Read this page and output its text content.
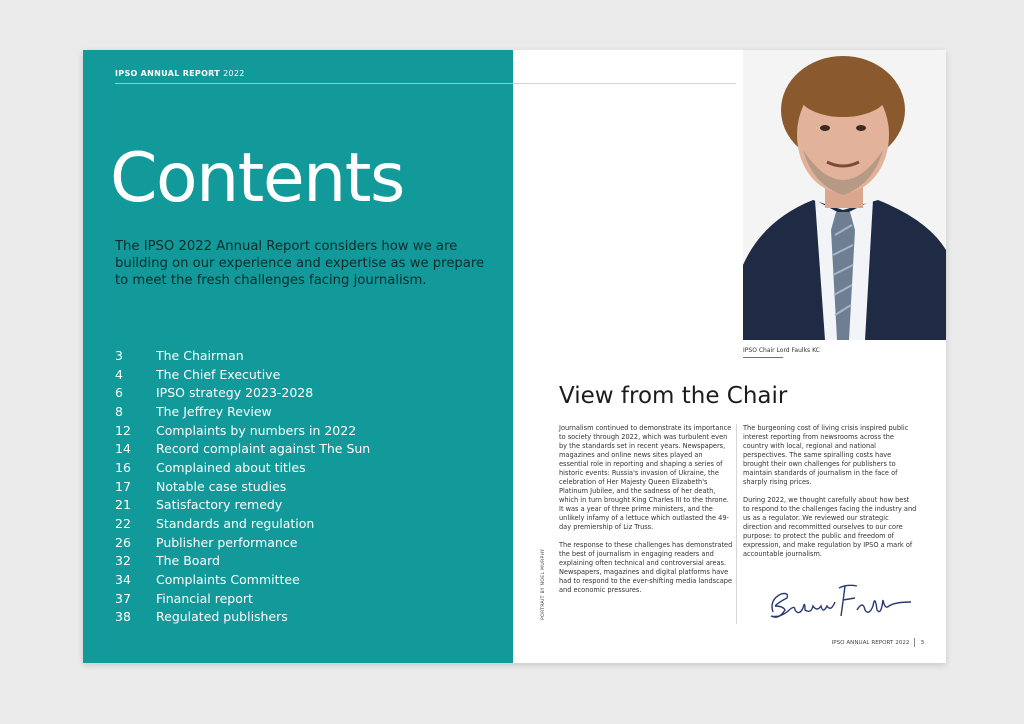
IPSO ANNUAL REPORT 2022
Contents
The IPSO 2022 Annual Report considers how we are building on our experience and expertise as we prepare to meet the fresh challenges facing journalism.
3	The Chairman
4	The Chief Executive
6	IPSO strategy 2023-2028
8	The Jeffrey Review
12	Complaints by numbers in 2022
14	Record complaint against The Sun
16	Complained about titles
17	Notable case studies
21	Satisfactory remedy
22	Standards and regulation
26	Publisher performance
32	The Board
34	Complaints Committee
37	Financial report
38	Regulated publishers
IPSO Chair Lord Faulks KC
View from the Chair

Journalism continued to demonstrate its importance to society through 2022, which was turbulent even by the standards set in recent years. Newspapers, magazines and online news sites played an essential role in reporting and shaping a series of historic events: Russia's invasion of Ukraine, the celebration of Her Majesty Queen Elizabeth's Platinum Jubilee, and the sadness of her death, which in turn brought King Charles III to the throne. It was a year of three prime ministers, and the unlikely infamy of a lettuce which outlasted the 49-day premiership of Liz Truss.

The response to these challenges has demonstrated the best of journalism in engaging readers and explaining often technical and controversial areas. Newspapers, magazines and digital platforms have had to respond to the ever-shifting media landscape and economic pressures.

The burgeoning cost of living crisis inspired public interest reporting from newsrooms across the country with local, regional and national perspectives. The same spiralling costs have brought their own challenges for publishers to maintain standards of journalism in the face of sharply rising prices.

During 2022, we thought carefully about how best to respond to the challenges facing the industry and us as a regulator. We reviewed our strategic direction and recommitted ourselves to our core purpose: to protect the public and freedom of expression, and make regulation by IPSO a mark of accountable journalism.

PORTRAIT BY NOEL MURPHY
IPSO ANNUAL REPORT 2022 3
